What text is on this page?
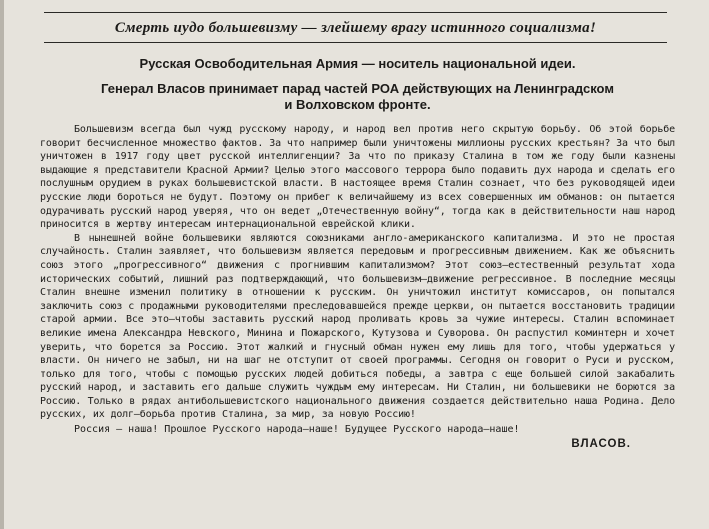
Смерть иудо большевизму — злейшему врагу истинного социализма!
Русская Освободительная Армия — носитель национальной идеи.
Генерал Власов принимает парад частей РОА действующих на Ленинградском
и Волховском фронте.

Большевизм всегда был чужд русскому народу, и народ вел против него скрытую борьбу. Об этой борьбе говорит бесчисленное множество фактов. За что например были уничтожены миллионы русских крестьян? За что был уничтожен в 1917 году цвет русской интеллигенции? За что по приказу Сталина в том же году были казнены выдающие я представители Красной Армии? Целью этого массового террора было подавить дух народа и сделать его послушным орудием в руках большевистской власти. В настоящее время Сталин сознает, что без руководящей идеи русские люди бороться не будут. Поэтому он прибег к величайшему из всех совершенных им обманов: он пытается одурачивать русский народ уверяя, что он ведет „Отечественную войну“, тогда как в действительности наш народ приносится в жертву интересам интернациональной еврейской клики.

В нынешней войне большевики являются союзниками англо-американского капитализма. И это не простая случайность. Сталин заявляет, что большевизм является передовым и прогрессивным движением. Как же объяснить союз этого „прогрессивного“ движения с прогнившим капитализмом? Этот союз—естественный результат хода исторических событий, лишний раз подтверждающий, что большевизм—движение регрессивное. В последние месяцы Сталин внешне изменил политику в отношении к русским. Он уничтожил институт комиссаров, он попытался заключить союз с продажными руководителями преследовавшейся прежде церкви, он пытается восстановить традиции старой армии. Все это—чтобы заставить русский народ проливать кровь за чужие интересы. Сталин вспоминает великие имена Александра Невского, Минина и Пожарского, Кутузова и Суворова. Он распустил коминтерн и хочет уверить, что борется за Россию. Этот жалкий и гнусный обман нужен ему лишь для того, чтобы удержаться у власти. Он ничего не забыл, ни на шаг не отступит от своей программы. Сегодня он говорит о Руси и русском, только для того, чтобы с помощью русских людей добиться победы, а завтра с еще большей силой закабалить русский народ, и заставить его дальше служить чуждым ему интересам. Ни Сталин, ни большевики не борются за Россию. Только в рядах антибольшевистского национального движения создается действительно наша Родина. Дело русских, их долг—борьба против Сталина, за мир, за новую Россию!

Россия – наша! Прошлое Русского народа—наше! Будущее Русского народа—наше!
ВЛАСОВ.
